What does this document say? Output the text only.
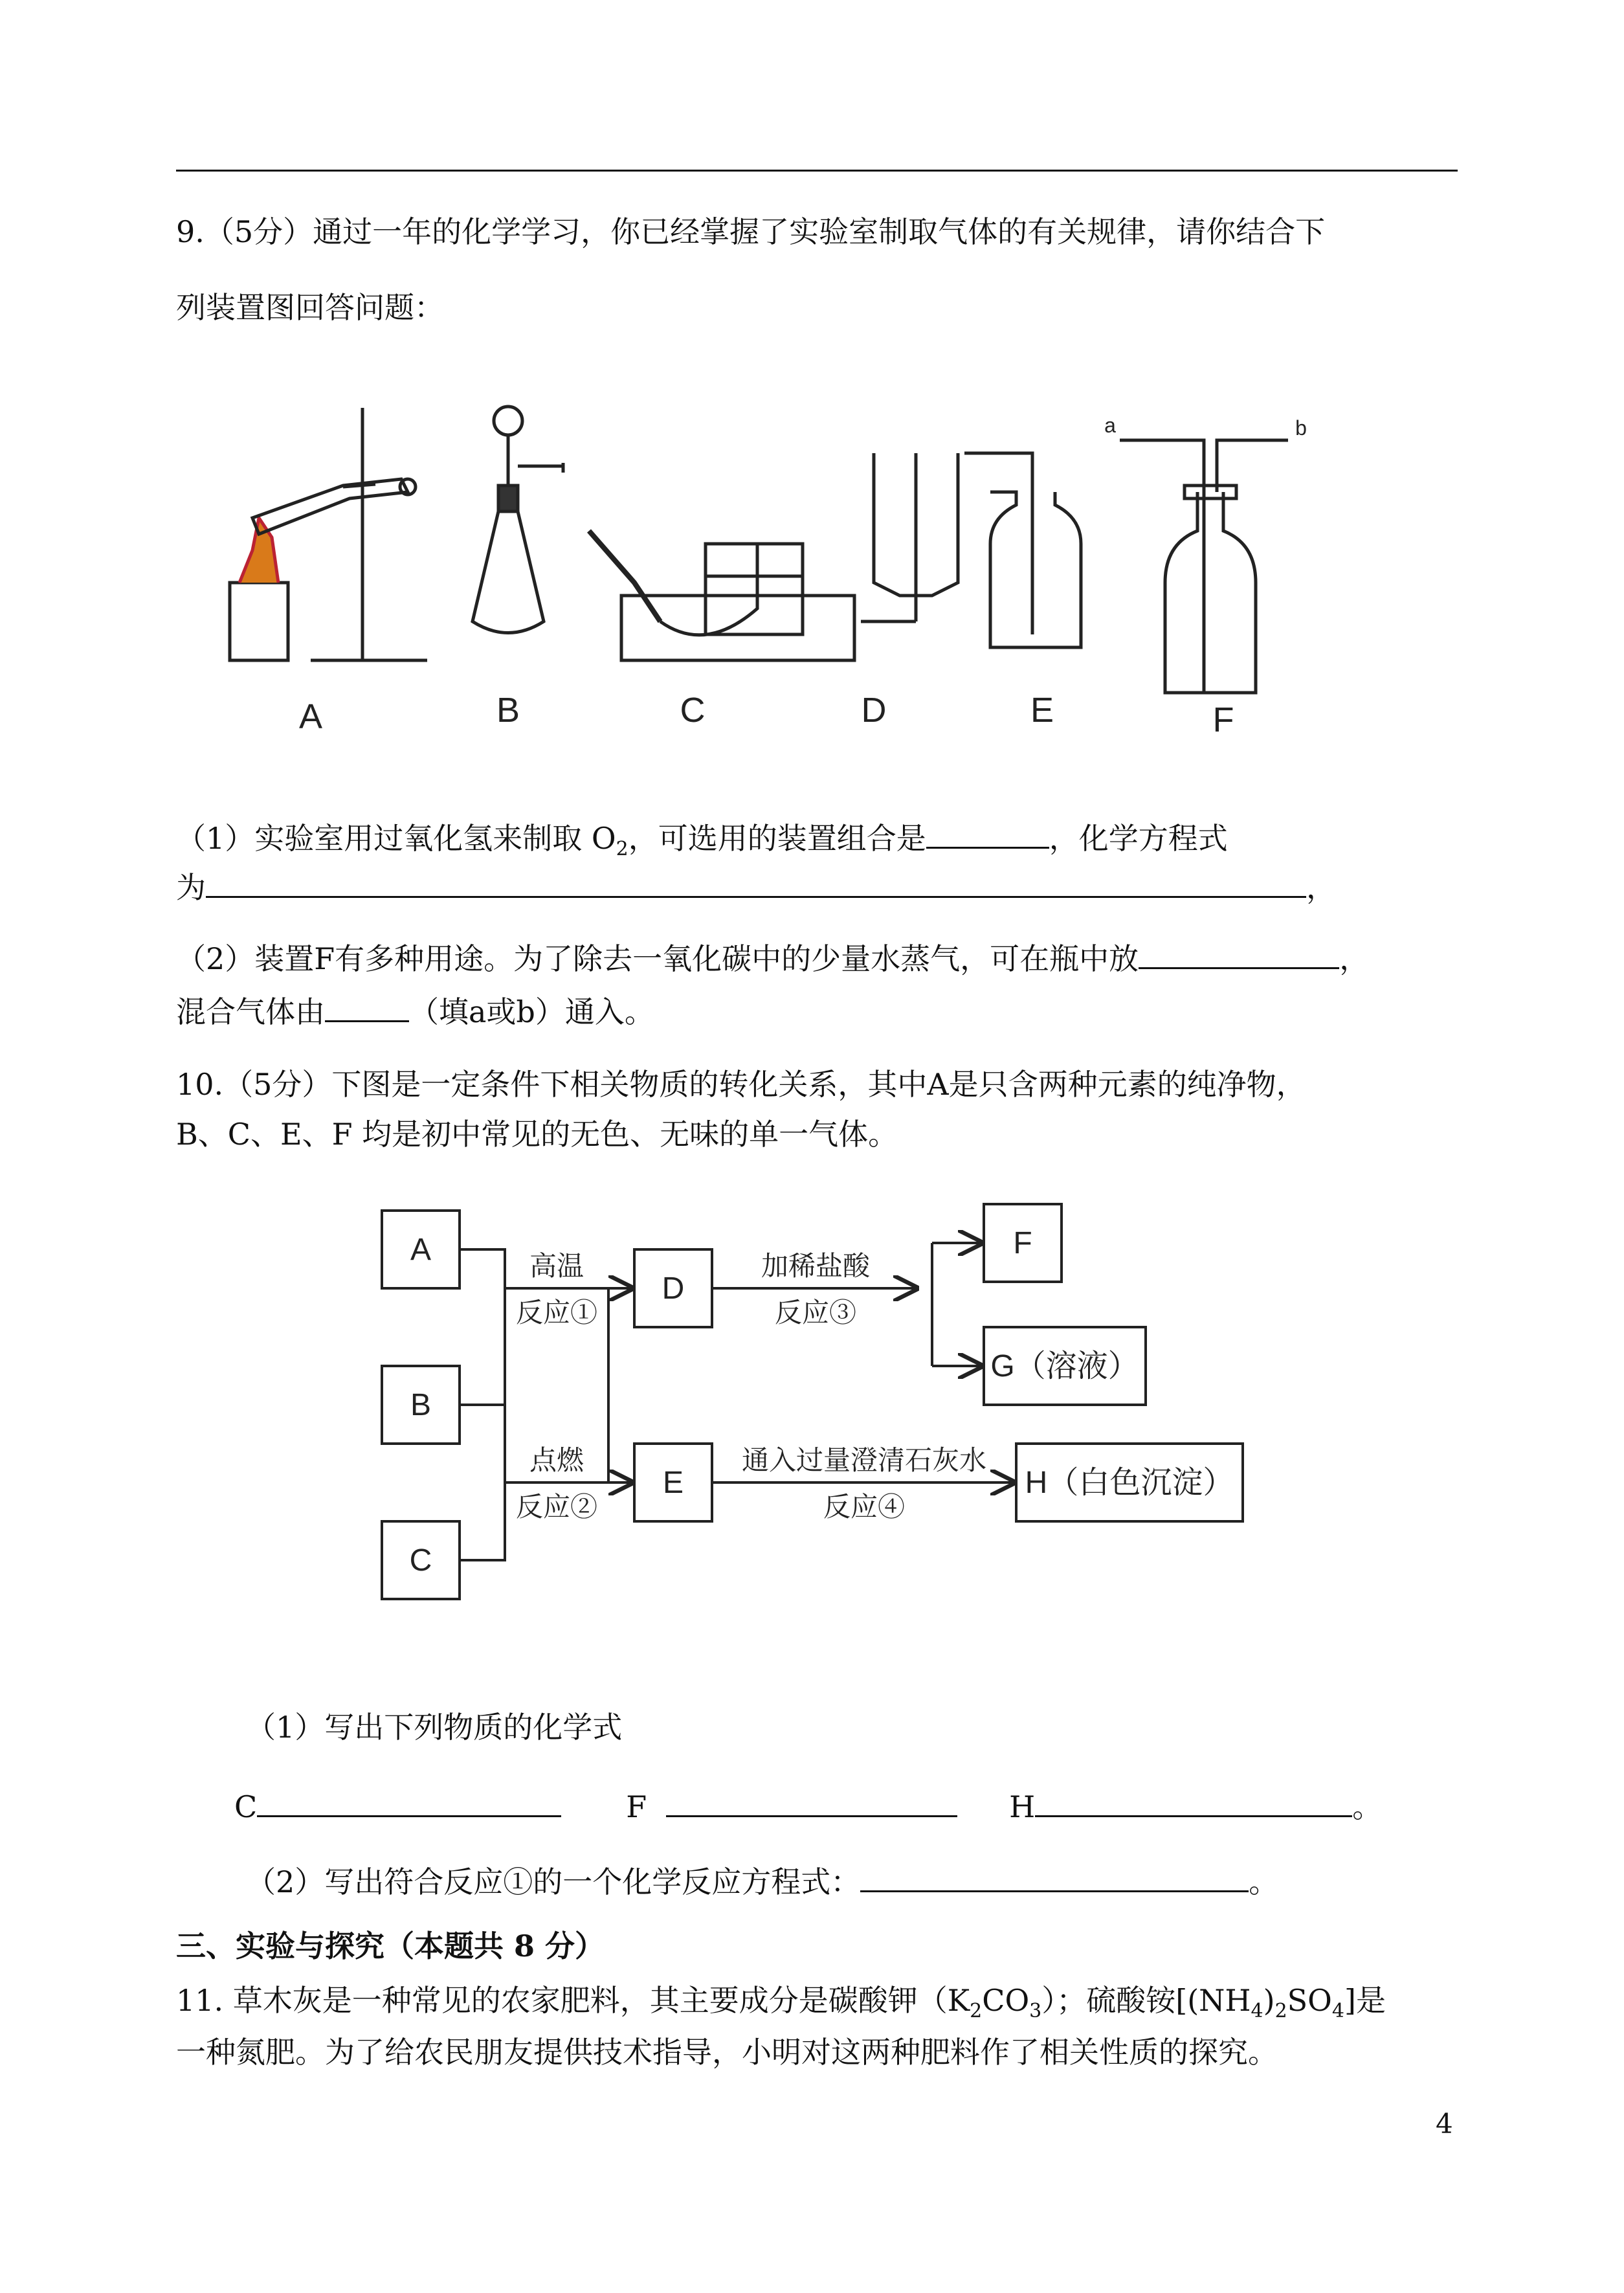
9.（5分）通过一年的化学学习，你已经掌握了实验室制取气体的有关规律，请你结合下
列装置图回答问题：
A	B	C	D	E	F
a	b
（1）实验室用过氧化氢来制取 $O_2$，可选用的装置组合是	，化学方程式
为	，
（2）装置F有多种用途。为了除去一氧化碳中的少量水蒸气，可在瓶中放	，
混合气体由	（填a或b）通入。
10.（5分）下图是一定条件下相关物质的转化关系，其中A是只含两种元素的纯净物，
B、C、E、F 均是初中常见的无色、无味的单一气体。
A
B
C
D
E
F
G（溶液）
H（白色沉淀）
高温
反应①
点燃
反应②
加稀盐酸
反应③
通入过量澄清石灰水
反应④
（1）写出下列物质的化学式
C	F	H	。
（2）写出符合反应①的一个化学反应方程式：	。
三、实验与探究（本题共 8 分）
11. 草木灰是一种常见的农家肥料，其主要成分是碳酸钾$(K_2CO_3)$；硫酸铵$[(NH_4)_2SO_4]$是
一种氮肥。为了给农民朋友提供技术指导，小明对这两种肥料作了相关性质的探究。
4
